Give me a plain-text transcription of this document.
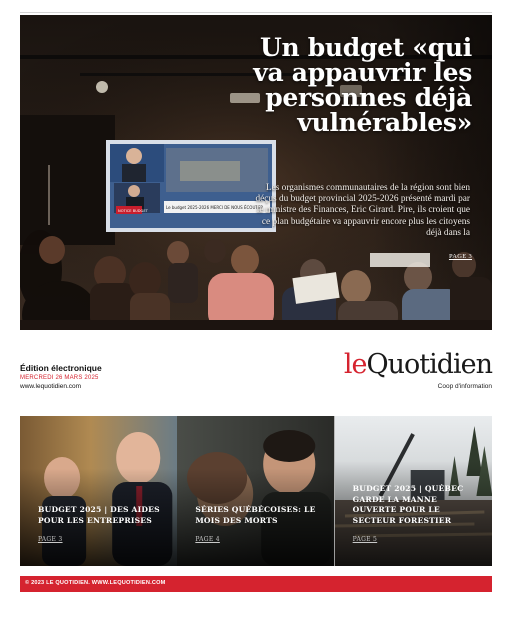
NOTICE BUDGET
Le budget 2025-2026 MERCI DE NOUS ÉCOUTER
Un budget «qui va appauvrir les personnes déjà vulnérables»
Les organismes communautaires de la région sont bien déçus du budget provincial 2025-2026 présenté mardi par le ministre des Finances, Eric Girard. Pire, ils croient que ce plan budgétaire va appauvrir encore plus les citoyens déjà dans la
PAGE 3
Édition électronique
MERCREDI 26 MARS 2025
www.lequotidien.com
le Quotidien
Coop d'information
BUDGET 2025 | DES AIDES POUR LES ENTREPRISES
PAGE 3
SÉRIES QUÉBÉCOISES: LE MOIS DES MORTS
PAGE 4
BUDGET 2025 | QUÉBEC GARDE LA MANNE OUVERTE POUR LE SECTEUR FORESTIER
PAGE 5
© 2023 LE QUOTIDIEN. WWW.LEQUOTIDIEN.COM
